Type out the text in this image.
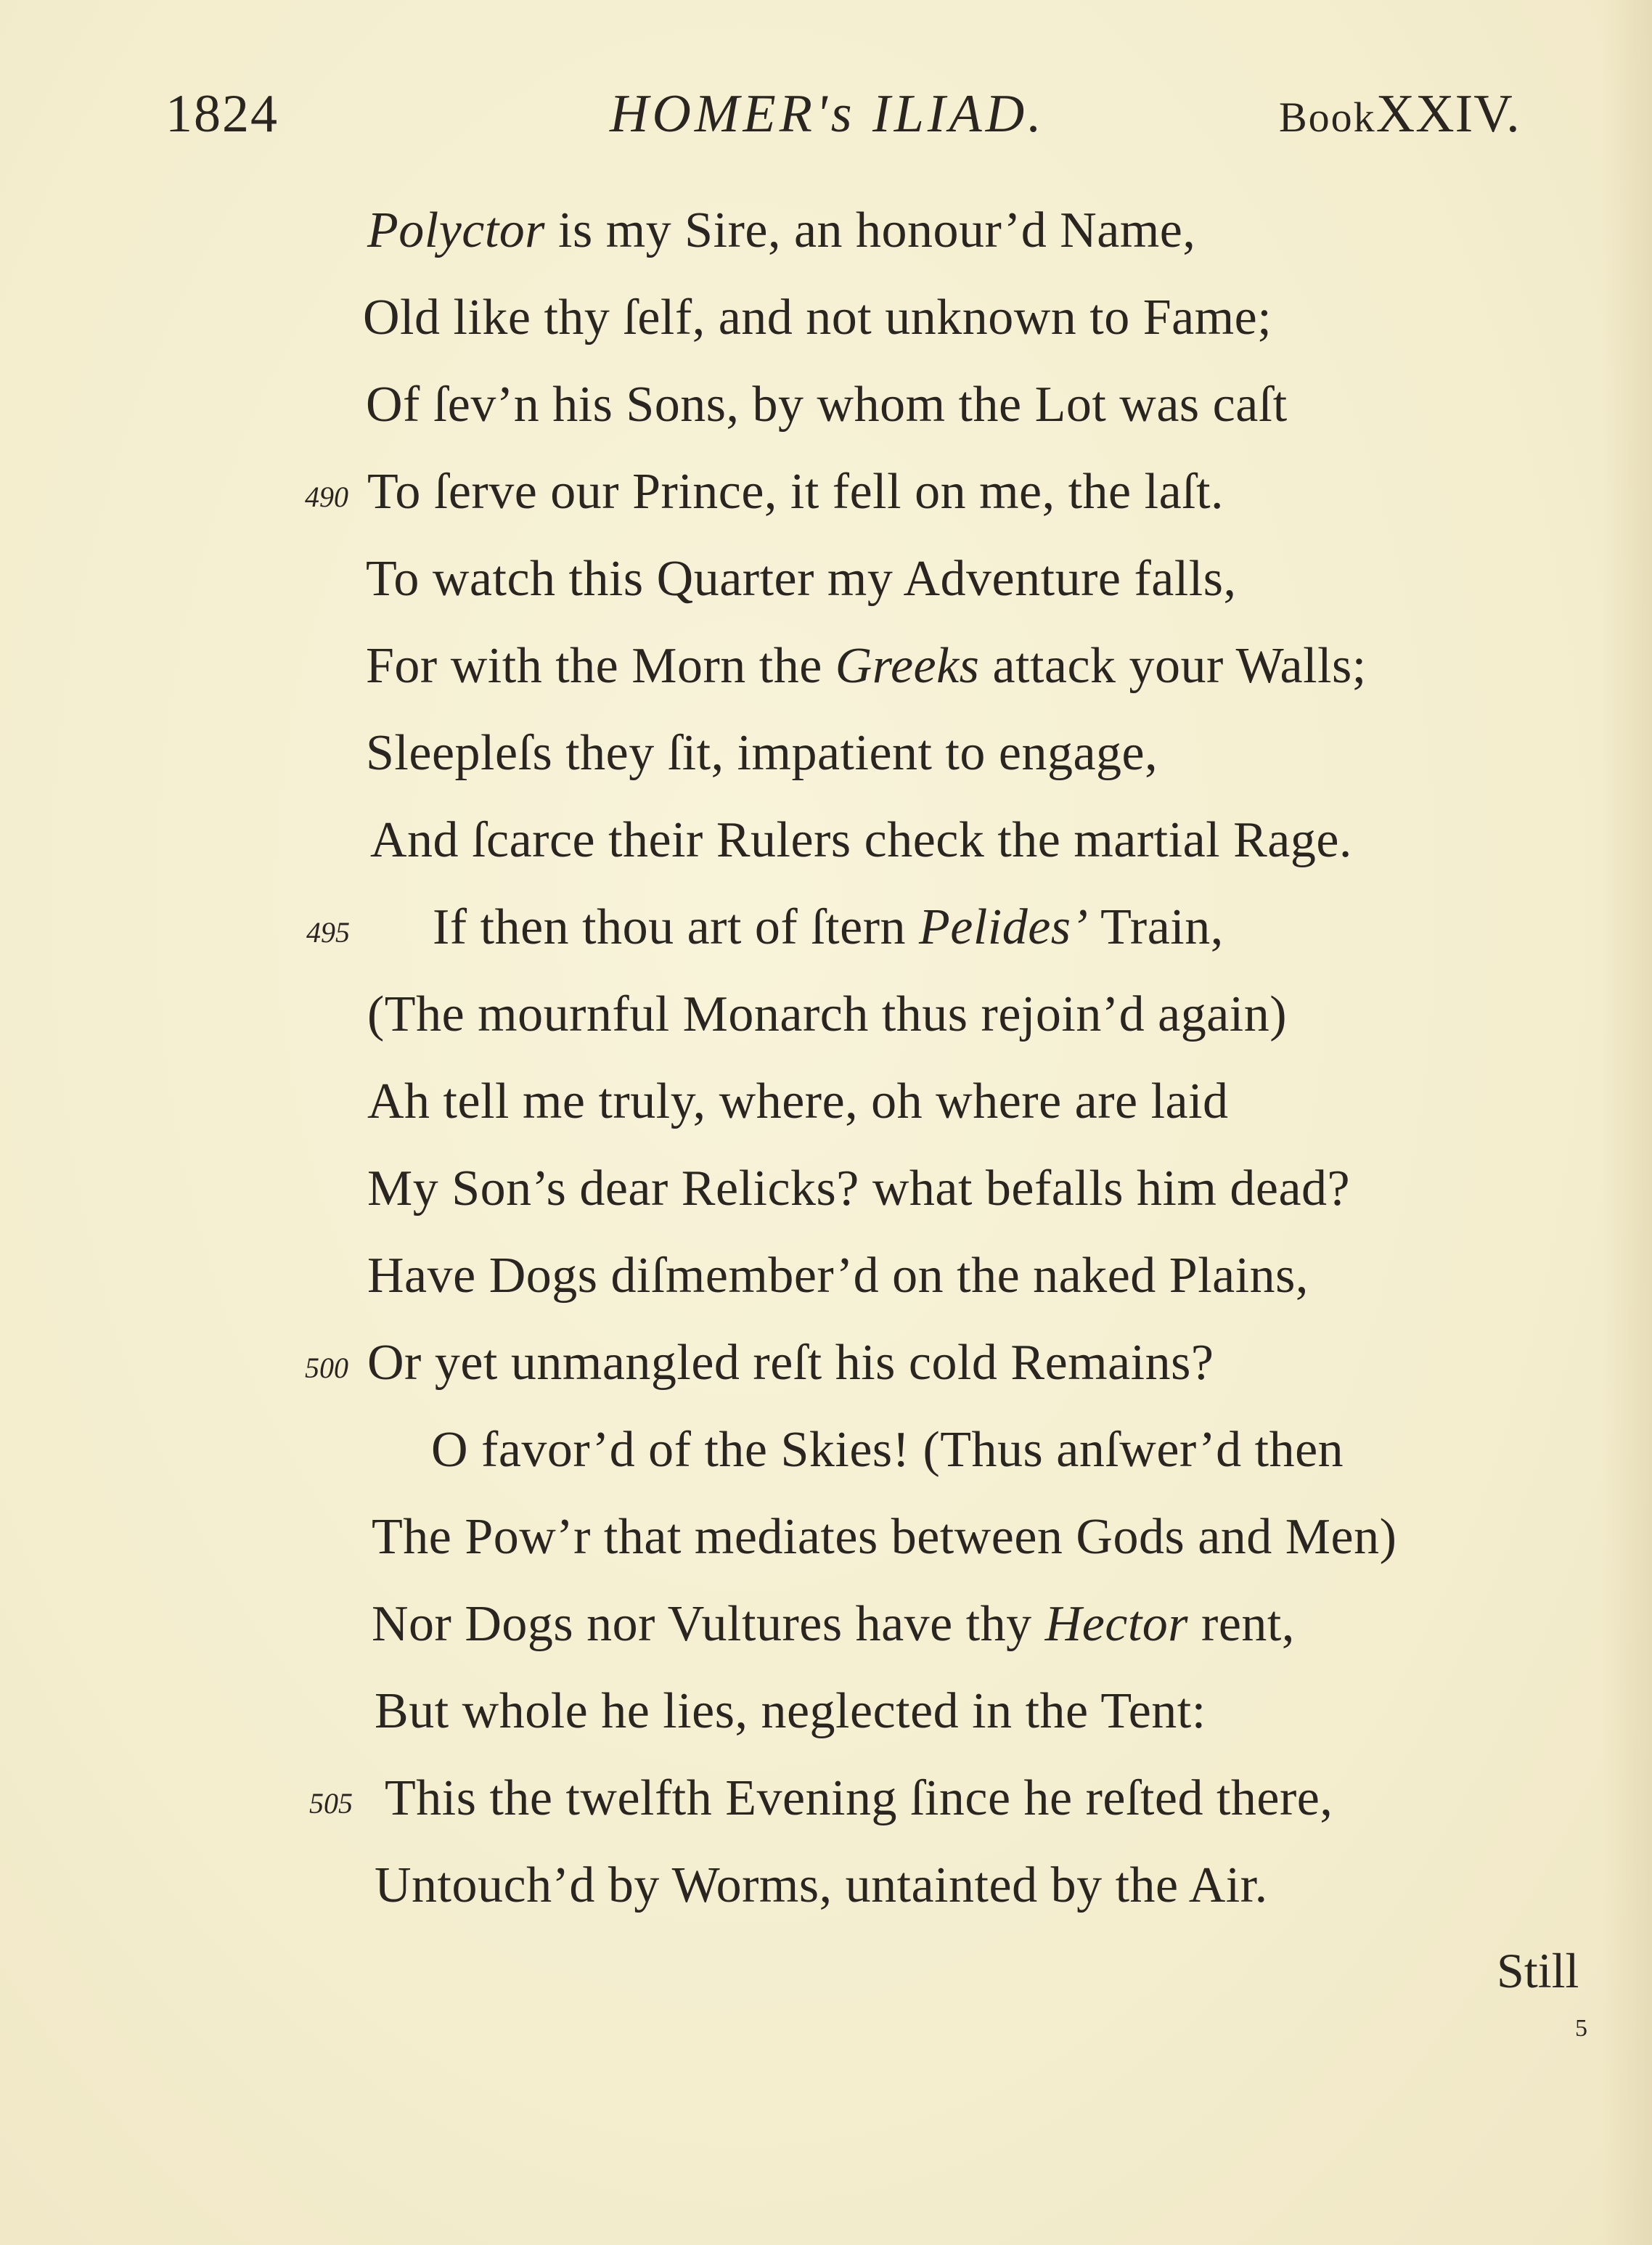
1824	HOMER's ILIAD.	BookXXIV.
Polyctor is my Sire, an honour’d Name,
Old like thy ſelf, and not unknown to Fame;
Of ſev’n his Sons, by whom the Lot was caſt
490 To ſerve our Prince, it fell on me, the laſt.
To watch this Quarter my Adventure falls,
For with the Morn the Greeks attack your Walls;
Sleepleſs they ſit, impatient to engage,
And ſcarce their Rulers check the martial Rage.
495 If then thou art of ſtern Pelides’ Train,
(The mournful Monarch thus rejoin’d again)
Ah tell me truly, where, oh where are laid
My Son’s dear Relicks? what befalls him dead?
Have Dogs diſmember’d on the naked Plains,
500 Or yet unmangled reſt his cold Remains?
O favor’d of the Skies! (Thus anſwer’d then
The Pow’r that mediates between Gods and Men)
Nor Dogs nor Vultures have thy Hector rent,
But whole he lies, neglected in the Tent:
505 This the twelfth Evening ſince he reſted there,
Untouch’d by Worms, untainted by the Air.
Still
5
